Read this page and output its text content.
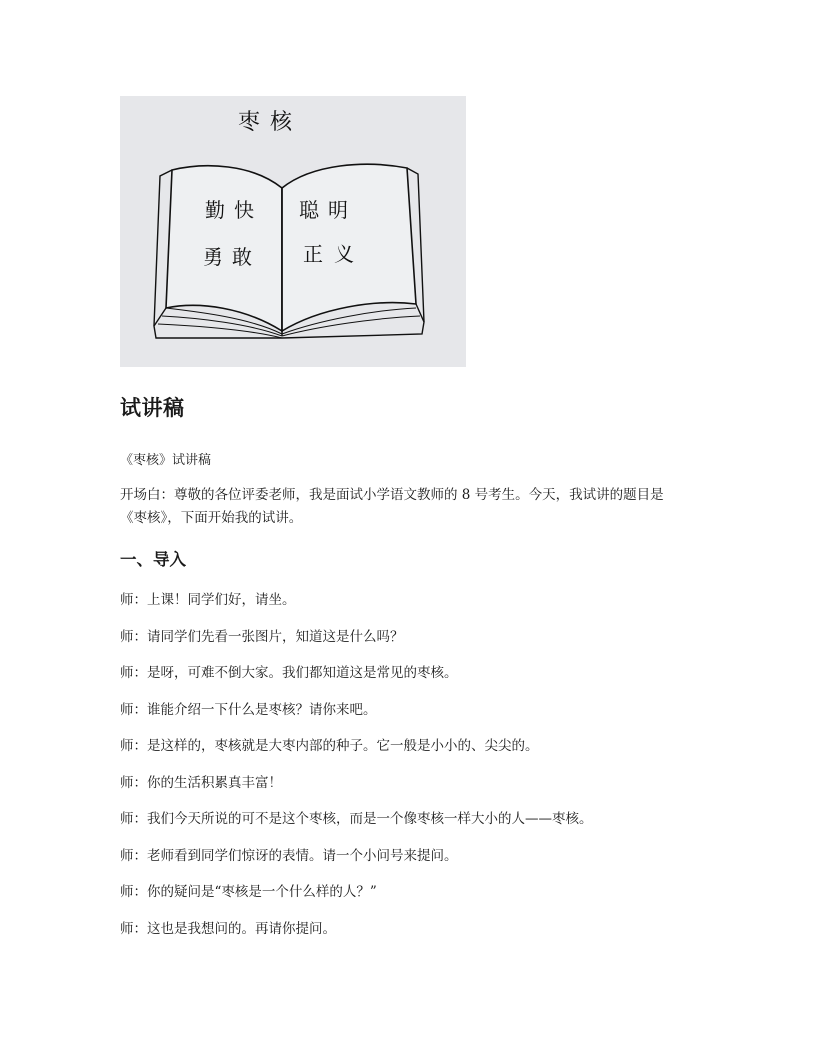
枣核
勤快
勇敢
聪明
正义
试讲稿

《枣核》试讲稿

开场白：尊敬的各位评委老师，我是面试小学语文教师的 8 号考生。今天，我试讲的题目是《枣核》，下面开始我的试讲。

一、导入

师：上课！同学们好，请坐。

师：请同学们先看一张图片，知道这是什么吗？

师：是呀，可难不倒大家。我们都知道这是常见的枣核。

师：谁能介绍一下什么是枣核？请你来吧。

师：是这样的，枣核就是大枣内部的种子。它一般是小小的、尖尖的。

师：你的生活积累真丰富！

师：我们今天所说的可不是这个枣核，而是一个像枣核一样大小的人——枣核。

师：老师看到同学们惊讶的表情。请一个小问号来提问。

师：你的疑问是“枣核是一个什么样的人？”

师：这也是我想问的。再请你提问。
